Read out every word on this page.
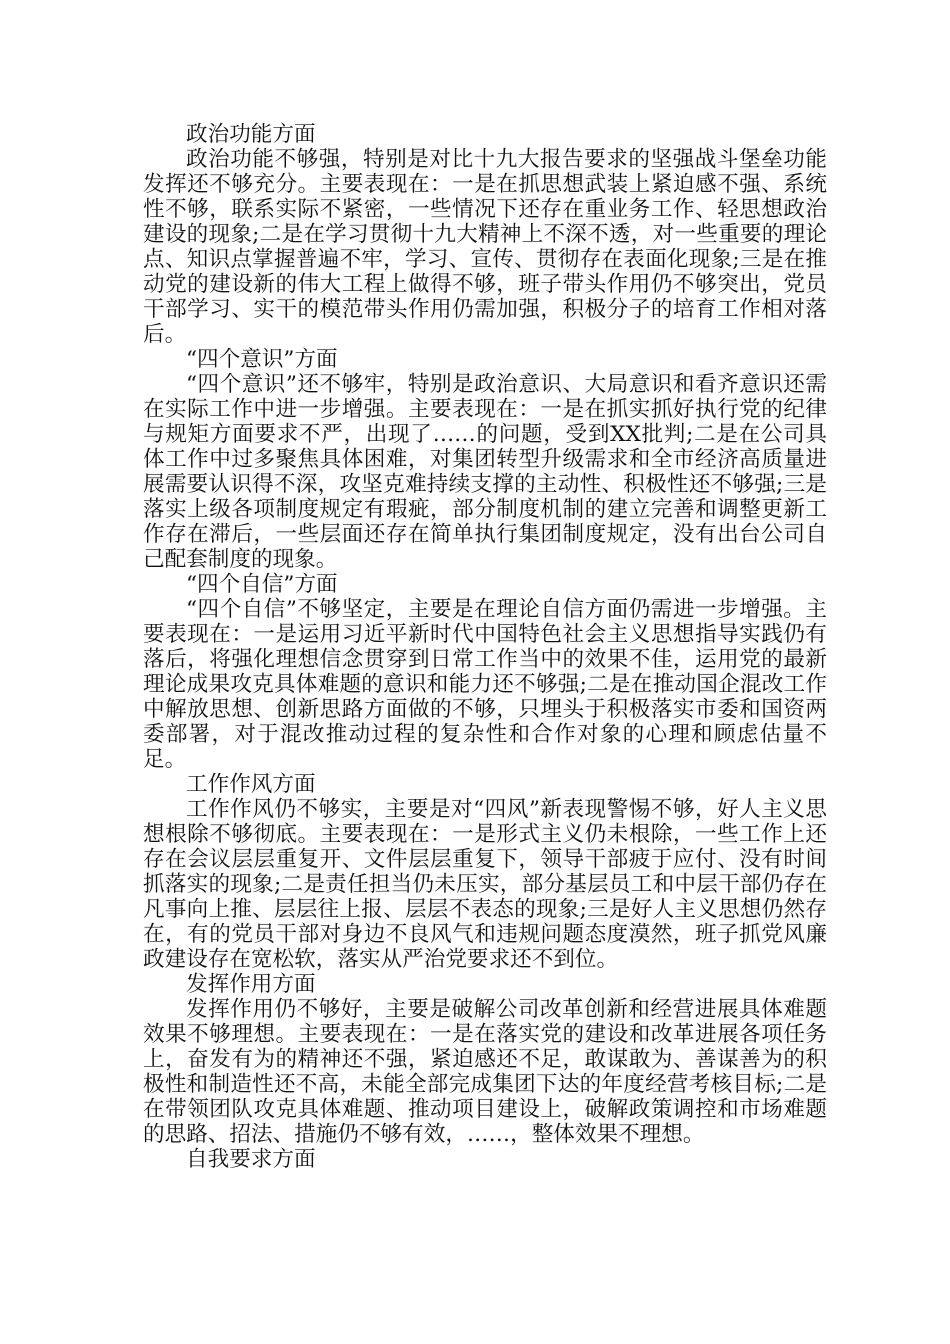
政治功能方面

政治功能不够强，特别是对比十九大报告要求的坚强战斗堡垒功能发挥还不够充分。主要表现在：一是在抓思想武装上紧迫感不强、系统性不够，联系实际不紧密，一些情况下还存在重业务工作、轻思想政治建设的现象;二是在学习贯彻十九大精神上不深不透，对一些重要的理论点、知识点掌握普遍不牢，学习、宣传、贯彻存在表面化现象;三是在推动党的建设新的伟大工程上做得不够，班子带头作用仍不够突出，党员干部学习、实干的模范带头作用仍需加强，积极分子的培育工作相对落后。

“四个意识”方面

“四个意识”还不够牢，特别是政治意识、大局意识和看齐意识还需在实际工作中进一步增强。主要表现在：一是在抓实抓好执行党的纪律与规矩方面要求不严，出现了……的问题，受到XX批判;二是在公司具体工作中过多聚焦具体困难，对集团转型升级需求和全市经济高质量进展需要认识得不深，攻坚克难持续支撑的主动性、积极性还不够强;三是落实上级各项制度规定有瑕疵，部分制度机制的建立完善和调整更新工作存在滞后，一些层面还存在简单执行集团制度规定，没有出台公司自己配套制度的现象。

“四个自信”方面

“四个自信”不够坚定，主要是在理论自信方面仍需进一步增强。主要表现在：一是运用习近平新时代中国特色社会主义思想指导实践仍有落后，将强化理想信念贯穿到日常工作当中的效果不佳，运用党的最新理论成果攻克具体难题的意识和能力还不够强;二是在推动国企混改工作中解放思想、创新思路方面做的不够，只埋头于积极落实市委和国资两委部署，对于混改推动过程的复杂性和合作对象的心理和顾虑估量不足。

工作作风方面

工作作风仍不够实，主要是对“四风”新表现警惕不够，好人主义思想根除不够彻底。主要表现在：一是形式主义仍未根除，一些工作上还存在会议层层重复开、文件层层重复下，领导干部疲于应付、没有时间抓落实的现象;二是责任担当仍未压实，部分基层员工和中层干部仍存在凡事向上推、层层往上报、层层不表态的现象;三是好人主义思想仍然存在，有的党员干部对身边不良风气和违规问题态度漠然，班子抓党风廉政建设存在宽松软，落实从严治党要求还不到位。

发挥作用方面

发挥作用仍不够好，主要是破解公司改革创新和经营进展具体难题效果不够理想。主要表现在：一是在落实党的建设和改革进展各项任务上，奋发有为的精神还不强，紧迫感还不足，敢谋敢为、善谋善为的积极性和制造性还不高，未能全部完成集团下达的年度经营考核目标;二是在带领团队攻克具体难题、推动项目建设上，破解政策调控和市场难题的思路、招法、措施仍不够有效，……，整体效果不理想。

自我要求方面
